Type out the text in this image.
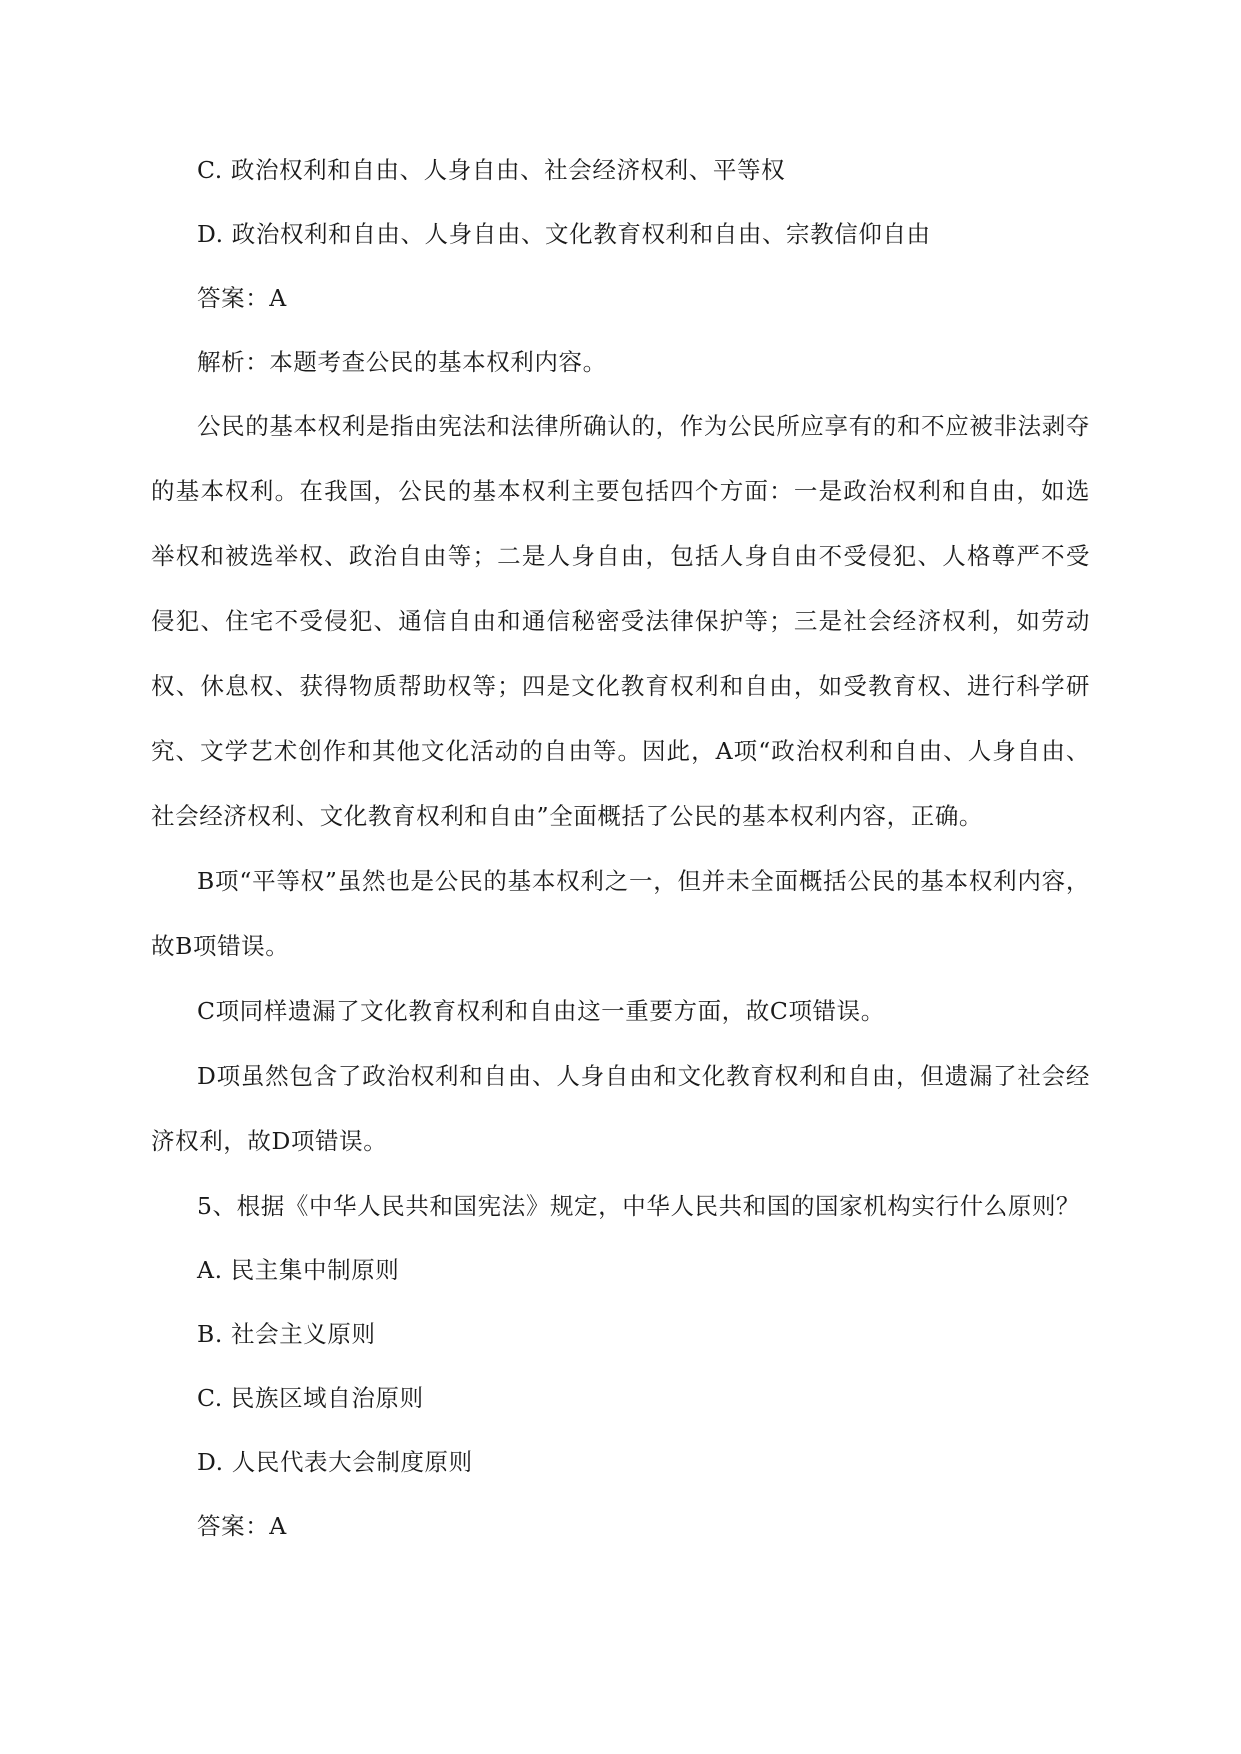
C. 政治权利和自由、人身自由、社会经济权利、平等权
D. 政治权利和自由、人身自由、文化教育权利和自由、宗教信仰自由
答案：A
解析：本题考查公民的基本权利内容。

公民的基本权利是指由宪法和法律所确认的，作为公民所应享有的和不应被非法剥夺的基本权利。在我国，公民的基本权利主要包括四个方面：一是政治权利和自由，如选举权和被选举权、政治自由等；二是人身自由，包括人身自由不受侵犯、人格尊严不受侵犯、住宅不受侵犯、通信自由和通信秘密受法律保护等；三是社会经济权利，如劳动权、休息权、获得物质帮助权等；四是文化教育权利和自由，如受教育权、进行科学研究、文学艺术创作和其他文化活动的自由等。因此，A项“政治权利和自由、人身自由、社会经济权利、文化教育权利和自由”全面概括了公民的基本权利内容，正确。

B项“平等权”虽然也是公民的基本权利之一，但并未全面概括公民的基本权利内容，故B项错误。

C项同样遗漏了文化教育权利和自由这一重要方面，故C项错误。

D项虽然包含了政治权利和自由、人身自由和文化教育权利和自由，但遗漏了社会经济权利，故D项错误。

5、根据《中华人民共和国宪法》规定，中华人民共和国的国家机构实行什么原则？
A. 民主集中制原则
B. 社会主义原则
C. 民族区域自治原则
D. 人民代表大会制度原则
答案：A
